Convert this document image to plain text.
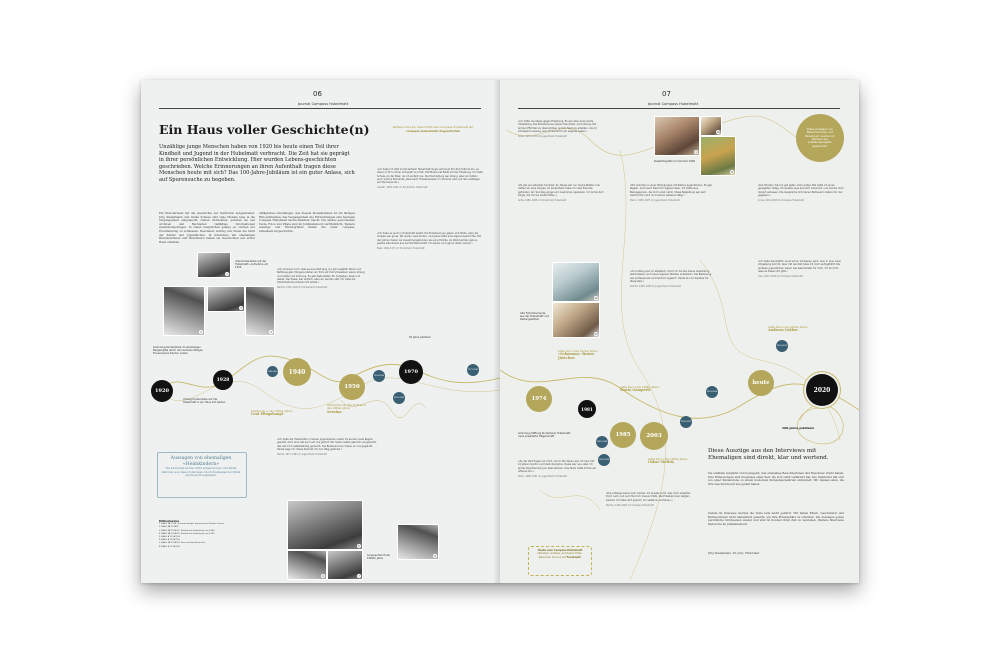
06
Journal Compass Hubelmatt
Ein Haus voller Geschichte(n)
Unzählige junge Menschen haben von 1920 bis heute einen Teil ihrer Kindheit und Jugend in der Hubelmatt verbracht. Die Zeit hat sie geprägt in ihrer persönlichen Entwicklung. Hier wurden Lebens-geschichten geschrieben. Welche Erinnerungen an ihren Aufenthalt tragen diese Menschen heute mit sich? Das 100-Jahre-Jubiläum ist ein guter Anlass, sich auf Spurensuche zu begeben.
Ein Monolerteam hat die Geschichte der Institution aufgearbeitet. Jürg Stadelmann und Giulia Schiess sind viele Monate lang in die Vergangenheit eingetaucht. Neben Archivalien, gerieten sie aus Archiven und Bachleiten vielfältige Informationen zusammengetragen. In vielen Gesprächen gelang es, Lücken der Überlieferung zu schliessen. Besonders wichtig war ihnen die Sicht der Kinder und Jugendlichen. In Interviews mit ehemaligen Bewohnerinnen und Bewohnern haben sie Geschichten aus erster Hand erfahren.
Alltägliches einzufangen. Aus diesem Mosaiksteinen ist ein farbiges Bild entstanden, das Vergangenheit wie Entwicklungen zum heutigen Compass Hubelmatt nachvollziehbar macht. Die daraus gewonnenen Texte, Fotos und Zitate sind im Jubiläumsbuch veröffentlicht. Weitere Auszüge und Hintergründe finden Sie unter compass-hubelmatt.ch/geschichte.
Weitere Infos zur Geschichte des Compass Hubelmatt auf
compass-hubelmatt.ch/geschichte
«Ich habe mir Zeit im Kinderheim Hubelmatt lange verbringt. Ein Rich blitz ist ein, es waren 3.15 h immer komplett von Halt. Vati Mama hat Bade mit der Erhaltung. Ich hatte Schule, an der Baar, da ich einfach nie. Die Heimleitung war streng, aber wir hatten auch schöne Momente, etwa beim Theaterspielen im Sommer oder auf den Ausflügen am Wochenende.»
Lisbeth, 1958–1962 im Kinderheim Hubelmatt
«Ich habe es auch in Hubelmatt erlebt. Die Erzieherinnen gaben sich Mühe, aber die Gruppe war gross. Wir waren viele Kinder, und jedes hatte eine eigene Geschichte. Mit den Jahren haben wir zusammengefunden wie eine Familie. An Weihnachten gab es jeweils Geschenke aus der Nachbarschaft. Ich denke noch gerne daran zurück.»
Beat, 1966–1971 im Kinderheim Hubelmatt
«Ich erinnere mich, dass es eine Zeit lang nur gut ungefähr Raum und Bettzeug gab. Morgens stehen wir früh auf. Die Schwestern waren streng und hielten auf Ordnung. Es gab feste Zeiten für Aufgaben, Spiel und Gebet. Das Essen war einfach, aber wir wurden satt. Ich habe die Hubelmatt als sicheren Ort erlebt.»
Martha, 1936–1943 im Kinderheim Hubelmatt
«Ich habe die Hubelmatt in meinen Jugendjahren erlebt. Es wurden viele Regeln gesetzt, doch man hat auch auf uns gehört. Wir haben selbst gekocht und geputzt, das hat mich selbstständig gemacht. Die Betreuerinnen haben an uns geglaubt. Heute sage ich: Diese Zeit hat mir den Weg geebnet.»
Daniel, 1977–1981 im Jugendheim Hubelmatt
1
«Die Kinderstube auf der Hubelmatt» Aufnahme um 1930
2
3
4
1920
1928
1940
1950
1970
1940-1963
1953-1955
1953-1965
1971-1981
Gründung Kinderstube im ehemaligen Bürgerspital durch den Gemeinnützigen Frauenverein Kanton Luzern
Umzug Kinderstube auf die Hubelmatt in ein Haus mit Garten
50 Jahre Jubiläum
Spielte hier in den 1940er Jahren
Leni Pflugshaupt
Verbrachte hier ihre Kindheit in den 1950er Jahren
Seraina
Aussagen von ehemaligen «Heimkindern»
Die Interviews wurden 2019 aufgenommen. Die Zitate stammen aus diesen Interviews. Die Schreibweise der Zitate wurde leicht angepasst.
Bildnachweise
1 StALU PA 1154, Gemeinnütziger Frauenverein Kanton Luzern
2 StALU PA 1154/8
3 StALU PA 1154/12, Kinderheim Hubelmatt um 1940
4 StALU PA 1154/15, Kinderheim Hubelmatt um 1950
5 StALU A 1154/754
6 StALU A 1154/755
7 StALU PA 1154/22, Foto aus Familienarchiv
8 StALU A 1154/756	5
6	7
8
Gruppenfoto Ende 1960er Jahre
07
Journal Compass Hubelmatt
«Ich hatte nie etwas gegen Erziehung. Es war aber eine rechte Umstellung. Die Erzieherinnen waren freundlich, doch streng. Wir lernten Pflichten zu übernehmen und im Team zu arbeiten. Als ich schliesslich auszog, war ich bereit für ein eigenes Leben.»
Silvia, 1974–1978 im Jugendheim Hubelmatt
«Es war ein extremer Kontrast. Zu Hause war nur meine Mutter, hier hatten wir eine Gruppe. Im Kinderheim habe ich viele Freunde gefunden. Am Sonntag gingen wir zusammen spazieren. Ich lernte dort Dinge, die mir bis heute helfen.»
Anita, 1980–1985 im Kinderheim Hubelmatt
«Wir wohnten in einer Wohngruppe mit älteren Jugendlichen. Es gab Regeln, doch auch Raum für eigene Ideen. Ich hatte eine Bezugsperson, die mich ernst nahm. Diese Begleitung war sehr wertvoll für mich und meinen weiteren Weg.»
Marco, 1983–1987 im Jugendheim Hubelmatt
«Am Anfang war ich skeptisch. Doch ich konnte meine Ausbildung abschliessen und meine eigenen Stärken entdecken. Die Betreuung war professionell und herzlich zugleich. Heute bin ich dankbar für diese Zeit.»
Sandra, 1995–1998 im Jugendheim Hubelmatt
«Die Struktur hat mir gut getan. Zum ersten Mal hatte ich einen geregelten Alltag. Ich wusste, was auf mich zukommt, und konnte mich darauf verlassen. Die Gespräche mit meiner Betreuerin haben mir viel gegeben.»
Jonas, 2003–2006 im Compass Hubelmatt
«Ich habe das Gefühl, es ist schon schwierig, wenn man in eine neue Umgebung kommt. Aber mit der Zeit habe ich mich wohlgefühlt. Die anderen Jugendlichen waren wie Geschwister für mich. Ich bin froh, dass es diesen Ort gibt.»
Lara, 2012–2016 im Compass Hubelmatt
«Zu der Zeit fragen ich mich, ob ich Teil davon war. Ich kam mit 14 Jahren hierhin und blieb drei Jahre. Vieles war neu, aber ich lernte Verantwortung zu übernehmen. Das Team hatte immer ein offenes Ohr.»
Kevin, 1988–1991 im Jugendheim Hubelmatt
«Die Anfänge waren sehr schwer. Ich wusste nicht, was mich erwartet. Doch nach und nach fand ich meinen Platz. Die Erzieherinnen zeigten Geduld. Ich habe dort gelernt, mir selbst zu vertrauen.»
Nadine, 1999–2002 im Compass Hubelmatt
9
10
11
Klassfotografie im Sommer 1990
12
13
Alte Fotodokumente aus der Hubelmatt und Zeitungsartikel
Diese Aussagen von Bewohnerinnen und Bewohnern wurden im Rahmen des Jubiläumsprojekts gesammelt.
1974
1981
1985	2003
heute
2020
1981-1986
1993-1996
1995-1997
2001-2004
2010-2013
Gründung Stiftung Kinderheim Hubelmatt, neue erweiterte Trägerschaft
100-Jahre-Jubiläum
Lebte hier in den 1970er Jahren
«Schmomo» Bruno Jüstchen
Lebte hier in den 1980er Jahren
Maria Gämperle
Lebte hier in den 1990er Jahren
Oskar Muthis
Lebte hier in den 2010er Jahren
Andreas Gräber
Heute zum Compass Hubelmatt
Aktuelles, Anlässe und Geschichten. Besuchen Sie uns auf Facebook!
Diese Auszüge aus den Interviews mit Ehemaligen sind direkt, klar und wertend.
Sie erzählen subjektiv und bewegend, was ehemalige Bewohnerinnen und Bewohner erlebt haben. Ihre Erinnerungen sind Zeugnisse einer Zeit, die sich stark verändert hat. Die Institution hat sich von einer Kinderstube zu einem modernen Kompetenzzentrum entwickelt. Wir danken allen, die ihre Geschichte mit uns geteilt haben.
Zudem im Interesse wurden die Texte teils leicht gekürzt. Wir haben Eltern, Geschwister und Betreuerinnen nicht namentlich genannt, um ihre Privatsphäre zu schützen. Die Aussagen geben persönliche Sichtweisen wieder und sind im Kontext ihrer Zeit zu verstehen. Weitere Interviews finden Sie im Jubiläumsbuch.
Jürg Stadelmann, Dr. phil., Historiker
